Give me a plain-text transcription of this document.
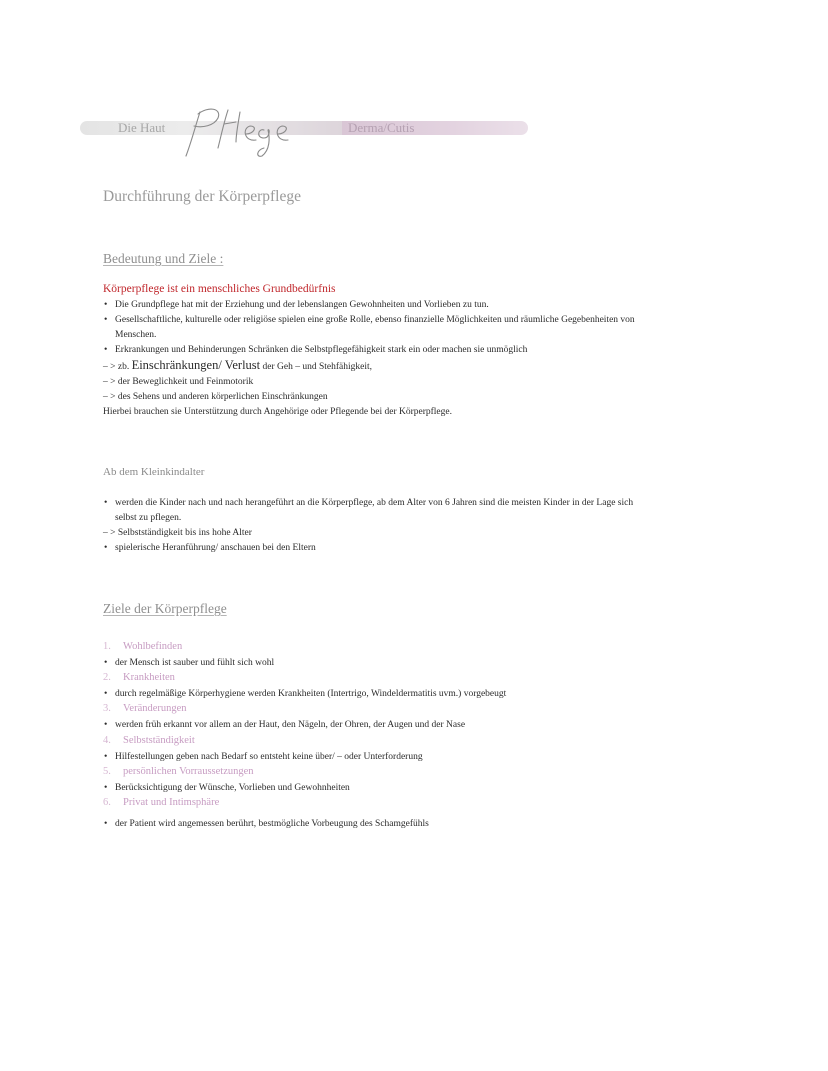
Die Haut	Derma/Cutis
Durchführung der Körperpflege
Bedeutung und Ziele :
Körperpflege ist ein menschliches Grundbedürfnis
• Die Grundpflege hat mit der Erziehung und der lebenslangen Gewohnheiten und Vorlieben zu tun.
• Gesellschaftliche, kulturelle oder religiöse spielen eine große Rolle, ebenso finanzielle Möglichkeiten und räumliche Gegebenheiten von
Menschen.
• Erkrankungen und Behinderungen Schränken die Selbstpflegefähigkeit stark ein oder machen sie unmöglich
– > zb. Einschränkungen/ Verlust der Geh – und Stehfähigkeit,
– > der Beweglichkeit und Feinmotorik
– > des Sehens und anderen körperlichen Einschränkungen
Hierbei brauchen sie Unterstützung durch Angehörige oder Pflegende bei der Körperpflege.
Ab dem Kleinkindalter
• werden die Kinder nach und nach herangeführt an die Körperpflege, ab dem Alter von 6 Jahren sind die meisten Kinder in der Lage sich
selbst zu pflegen.
– > Selbstständigkeit bis ins hohe Alter
• spielerische Heranführung/ anschauen bei den Eltern
Ziele der Körperpflege
1. Wohlbefinden
• der Mensch ist sauber und fühlt sich wohl
2. Krankheiten
• durch regelmäßige Körperhygiene werden Krankheiten (Intertrigo, Windeldermatitis uvm.) vorgebeugt
3. Veränderungen
• werden früh erkannt vor allem an der Haut, den Nägeln, der Ohren, der Augen und der Nase
4. Selbstständigkeit
• Hilfestellungen geben nach Bedarf so entsteht keine über/ – oder Unterforderung
5. persönlichen Vorraussetzungen
• Berücksichtigung der Wünsche, Vorlieben und Gewohnheiten
6. Privat und Intimsphäre
• der Patient wird angemessen berührt, bestmögliche Vorbeugung des Schamgefühls
